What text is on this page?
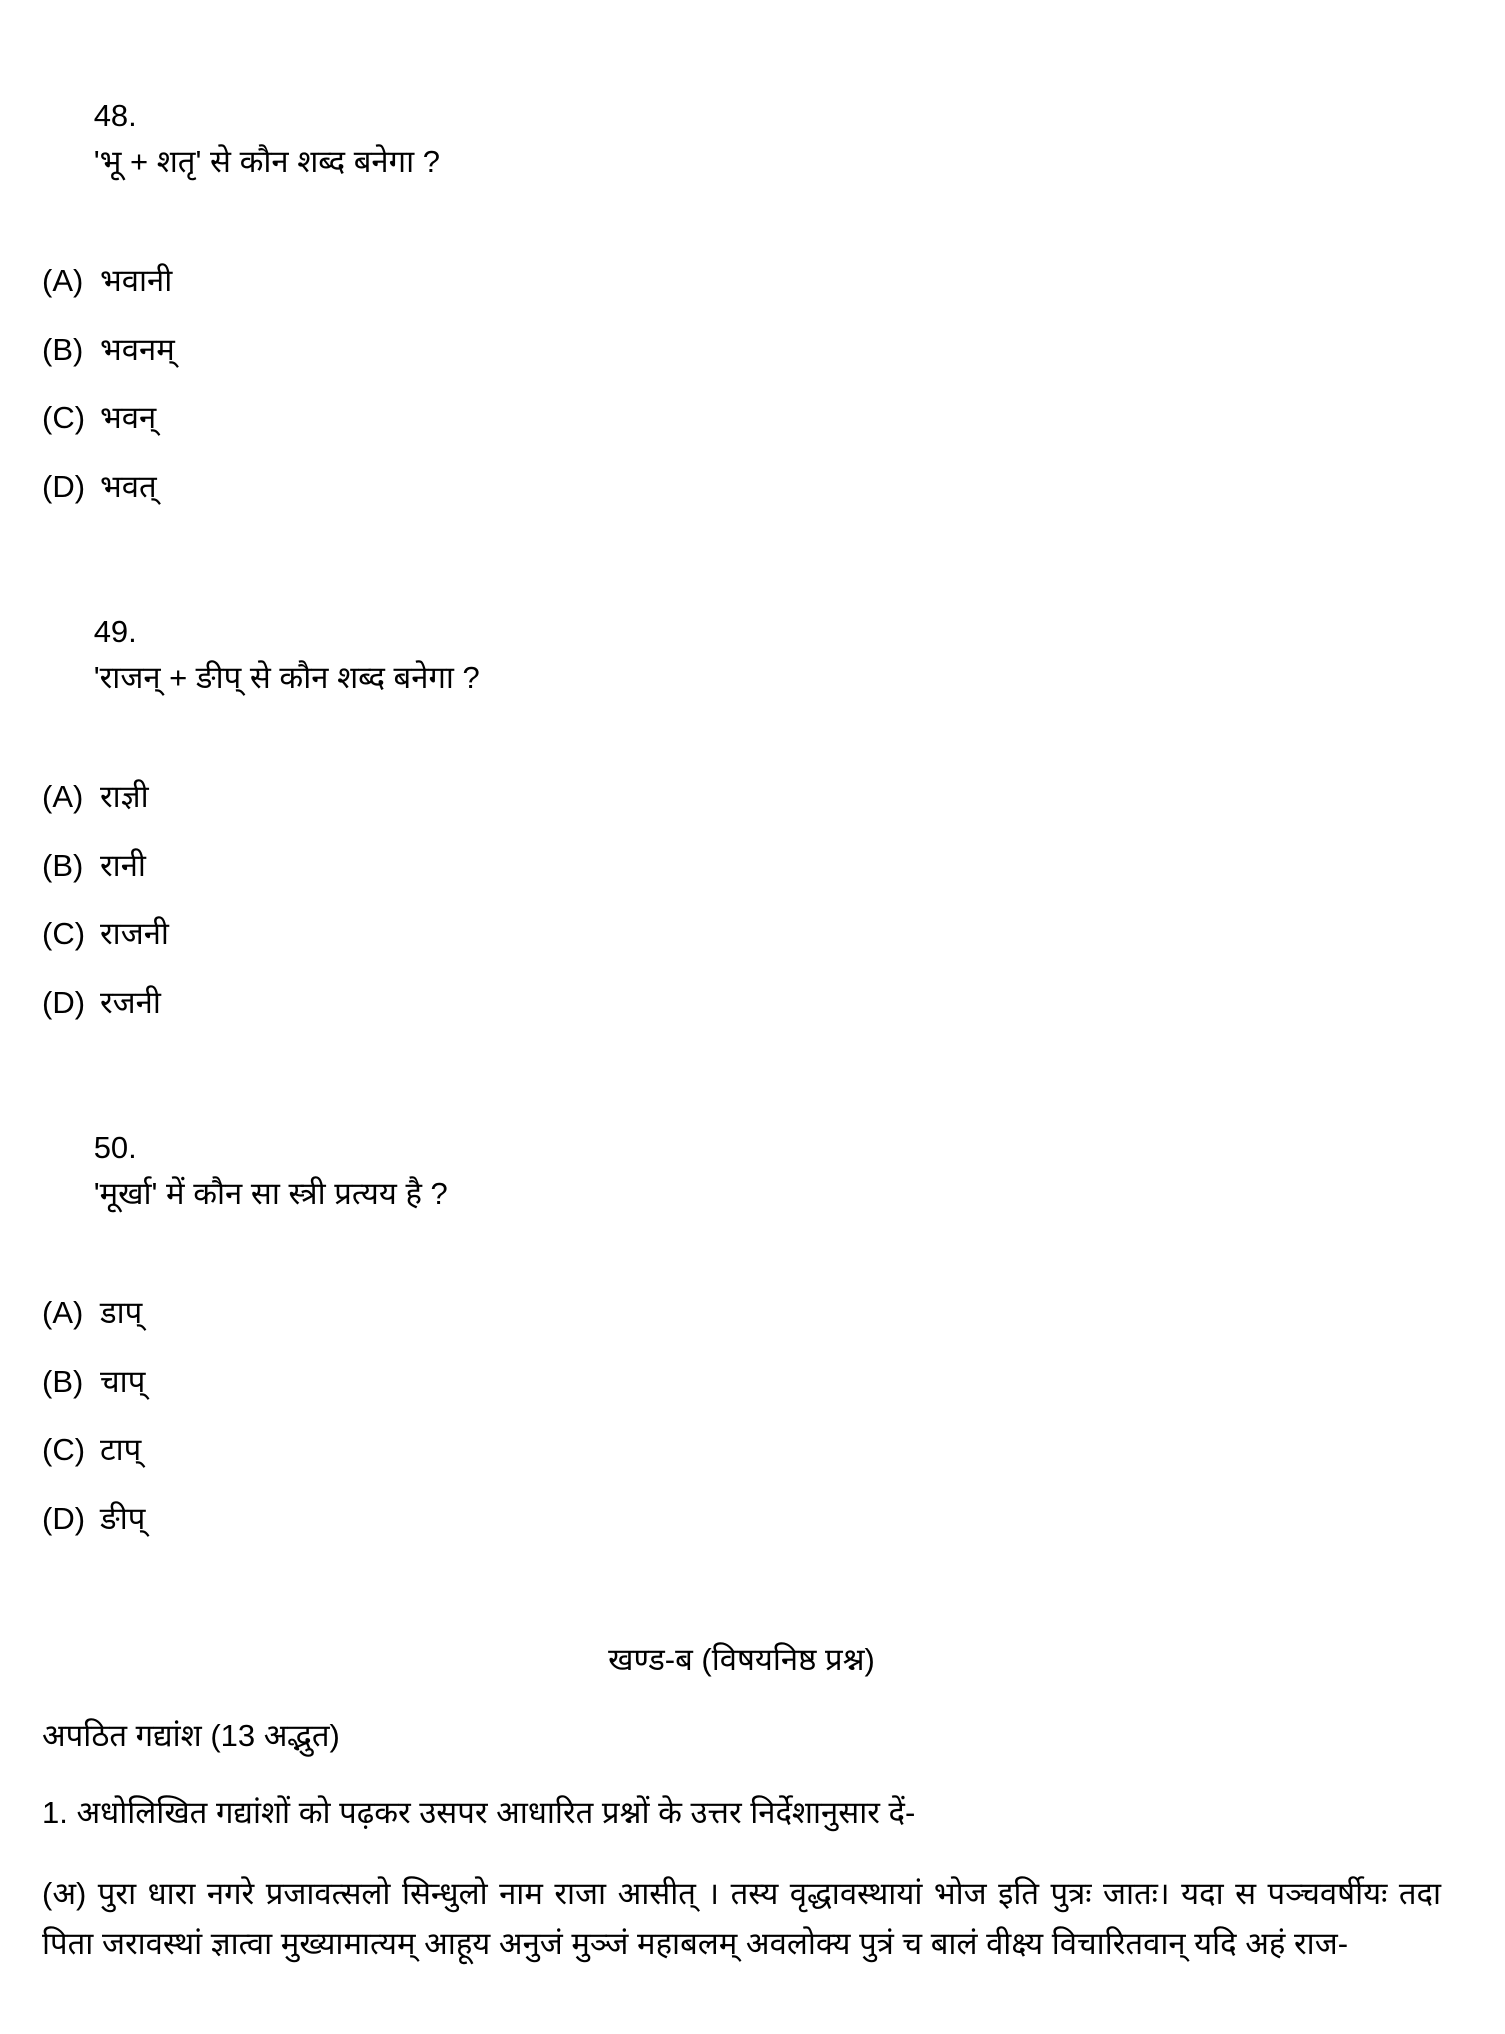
48.
'भू + शतृ' से कौन शब्द बनेगा ?

(A) भवानी
(B) भवनम्
(C) भवन्
(D) भवत्

49.
'राजन् + ङीप् से कौन शब्द बनेगा ?

(A) राज्ञी
(B) रानी
(C) राजनी
(D) रजनी

50.
'मूर्खा' में कौन सा स्त्री प्रत्यय है ?

(A) डाप्
(B) चाप्
(C) टाप्
(D) ङीप्
खण्ड-ब (विषयनिष्ठ प्रश्न)
अपठित गद्यांश (13 अद्भुत)
1. अधोलिखित गद्यांशों को पढ़कर उसपर आधारित प्रश्नों के उत्तर निर्देशानुसार दें-
(अ) पुरा धारा नगरे प्रजावत्सलो सिन्धुलो नाम राजा आसीत् । तस्य वृद्धावस्थायां भोज इति पुत्रः जातः। यदा स पञ्चवर्षीयः तदा पिता जरावस्थां ज्ञात्वा मुख्यामात्यम् आहूय अनुजं मुञ्जं महाबलम् अवलोक्य पुत्रं च बालं वीक्ष्य विचारितवान् यदि अहं राज-
